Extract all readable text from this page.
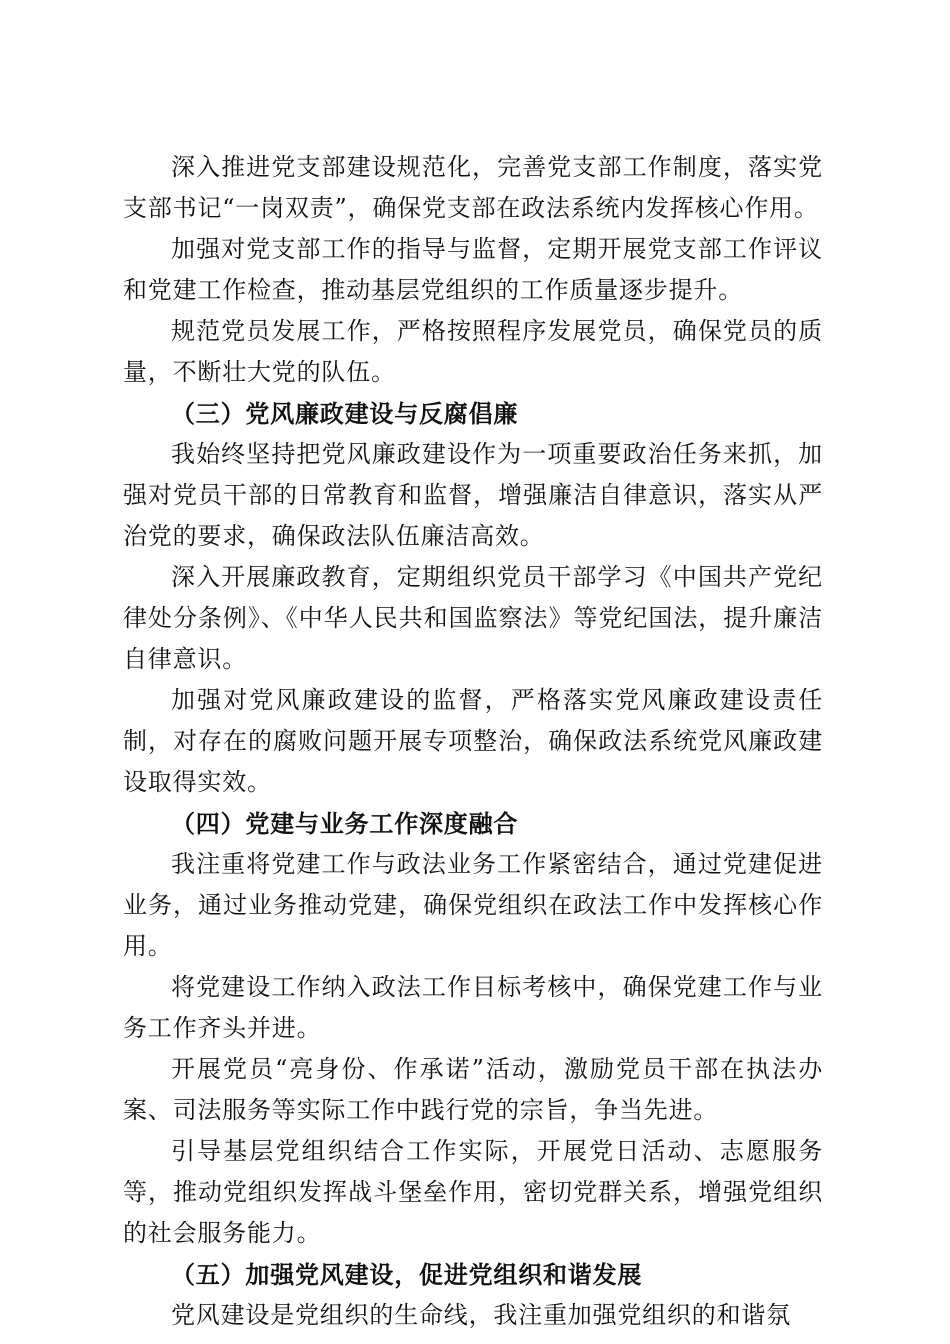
深入推进党支部建设规范化，完善党支部工作制度，落实党支部书记“一岗双责”，确保党支部在政法系统内发挥核心作用。

加强对党支部工作的指导与监督，定期开展党支部工作评议和党建工作检查，推动基层党组织的工作质量逐步提升。

规范党员发展工作，严格按照程序发展党员，确保党员的质量，不断壮大党的队伍。

（三）党风廉政建设与反腐倡廉

我始终坚持把党风廉政建设作为一项重要政治任务来抓，加强对党员干部的日常教育和监督，增强廉洁自律意识，落实从严治党的要求，确保政法队伍廉洁高效。

深入开展廉政教育，定期组织党员干部学习《中国共产党纪律处分条例》、《中华人民共和国监察法》等党纪国法，提升廉洁自律意识。

加强对党风廉政建设的监督，严格落实党风廉政建设责任制，对存在的腐败问题开展专项整治，确保政法系统党风廉政建设取得实效。

（四）党建与业务工作深度融合

我注重将党建工作与政法业务工作紧密结合，通过党建促进业务，通过业务推动党建，确保党组织在政法工作中发挥核心作用。

将党建设工作纳入政法工作目标考核中，确保党建工作与业务工作齐头并进。

开展党员“亮身份、作承诺”活动，激励党员干部在执法办案、司法服务等实际工作中践行党的宗旨，争当先进。

引导基层党组织结合工作实际，开展党日活动、志愿服务等，推动党组织发挥战斗堡垒作用，密切党群关系，增强党组织的社会服务能力。

（五）加强党风建设，促进党组织和谐发展

党风建设是党组织的生命线，我注重加强党组织的和谐氛
